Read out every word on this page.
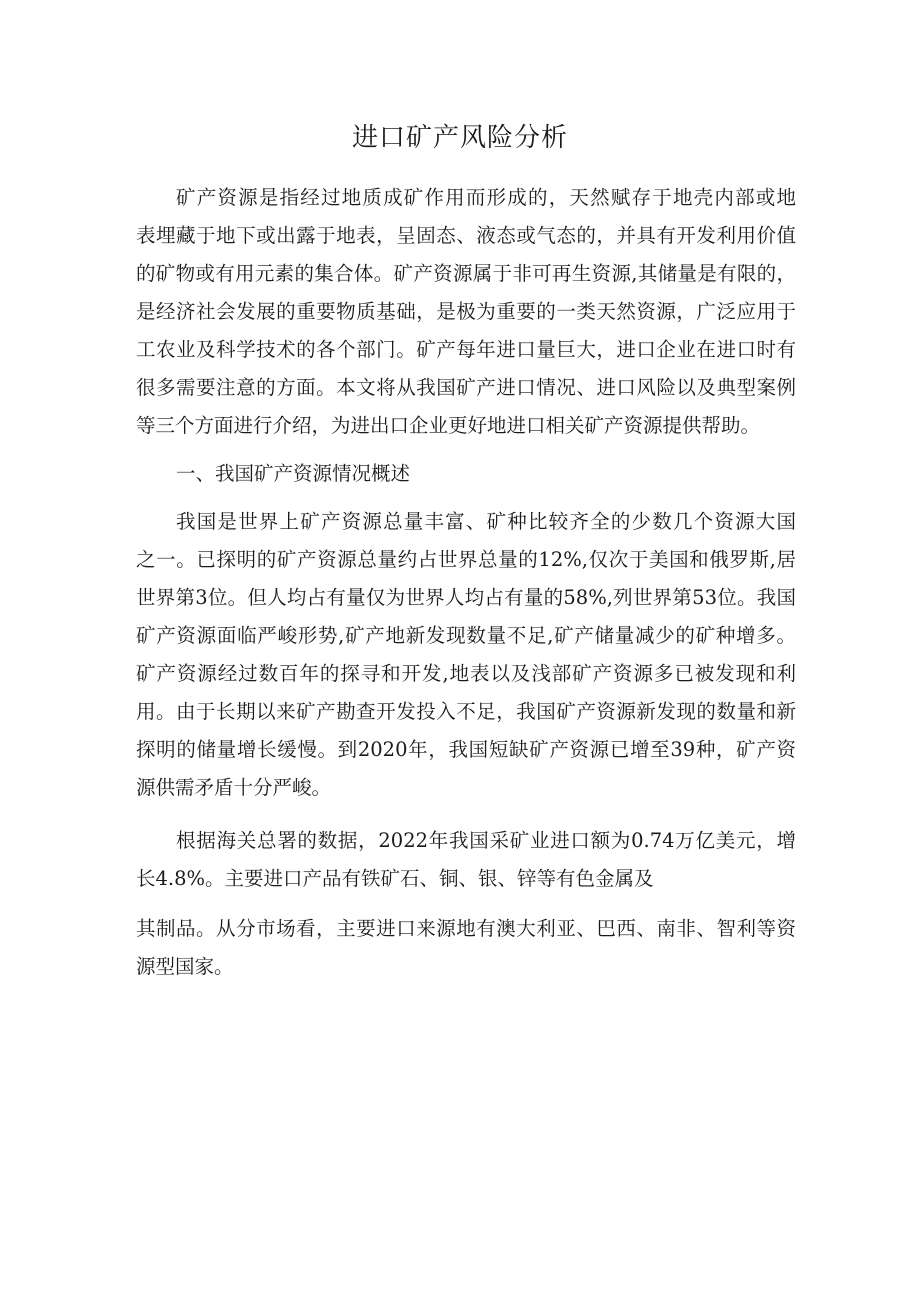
进口矿产风险分析

矿产资源是指经过地质成矿作用而形成的，天然赋存于地壳内部或地

表埋藏于地下或出露于地表，呈固态、液态或气态的，并具有开发利用价值

的矿物或有用元素的集合体。矿产资源属于非可再生资源,其储量是有限的，

是经济社会发展的重要物质基础，是极为重要的一类天然资源，广泛应用于

工农业及科学技术的各个部门。矿产每年进口量巨大，进口企业在进口时有

很多需要注意的方面。本文将从我国矿产进口情况、进口风险以及典型案例

等三个方面进行介绍，为进出口企业更好地进口相关矿产资源提供帮助。

一、我国矿产资源情况概述

我国是世界上矿产资源总量丰富、矿种比较齐全的少数几个资源大国

之一。已探明的矿产资源总量约占世界总量的12%,仅次于美国和俄罗斯,居

世界第3位。但人均占有量仅为世界人均占有量的58%,列世界第53位。我国

矿产资源面临严峻形势,矿产地新发现数量不足,矿产储量减少的矿种增多。

矿产资源经过数百年的探寻和开发,地表以及浅部矿产资源多已被发现和利

用。由于长期以来矿产勘查开发投入不足，我国矿产资源新发现的数量和新

探明的储量增长缓慢。到2020年，我国短缺矿产资源已增至39种，矿产资

源供需矛盾十分严峻。

根据海关总署的数据，2022年我国采矿业进口额为0.74万亿美元，增

长4.8%。主要进口产品有铁矿石、铜、银、锌等有色金属及

其制品。从分市场看，主要进口来源地有澳大利亚、巴西、南非、智利等资

源型国家。
